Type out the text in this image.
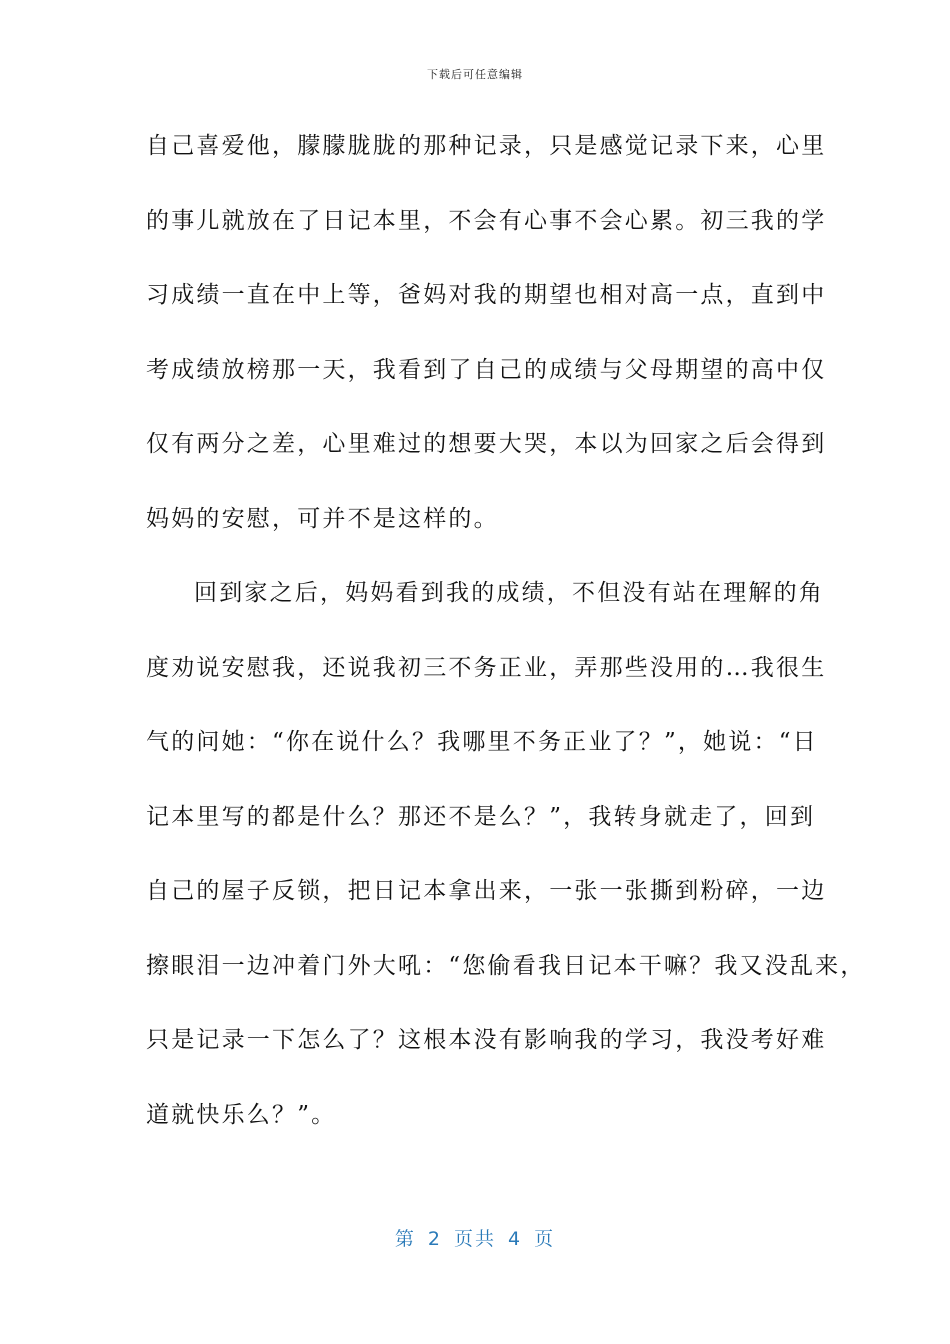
下载后可任意编辑
自己喜爱他，朦朦胧胧的那种记录，只是感觉记录下来，心里
的事儿就放在了日记本里，不会有心事不会心累。初三我的学
习成绩一直在中上等，爸妈对我的期望也相对高一点，直到中
考成绩放榜那一天，我看到了自己的成绩与父母期望的高中仅
仅有两分之差，心里难过的想要大哭，本以为回家之后会得到
妈妈的安慰，可并不是这样的。
回到家之后，妈妈看到我的成绩，不但没有站在理解的角
度劝说安慰我，还说我初三不务正业，弄那些没用的…我很生
气的问她：“你在说什么？我哪里不务正业了？”，她说：“日
记本里写的都是什么？那还不是么？”，我转身就走了，回到
自己的屋子反锁，把日记本拿出来，一张一张撕到粉碎，一边
擦眼泪一边冲着门外大吼：“您偷看我日记本干嘛？我又没乱来，
只是记录一下怎么了？这根本没有影响我的学习，我没考好难
道就快乐么？”。
第 2 页共 4 页
